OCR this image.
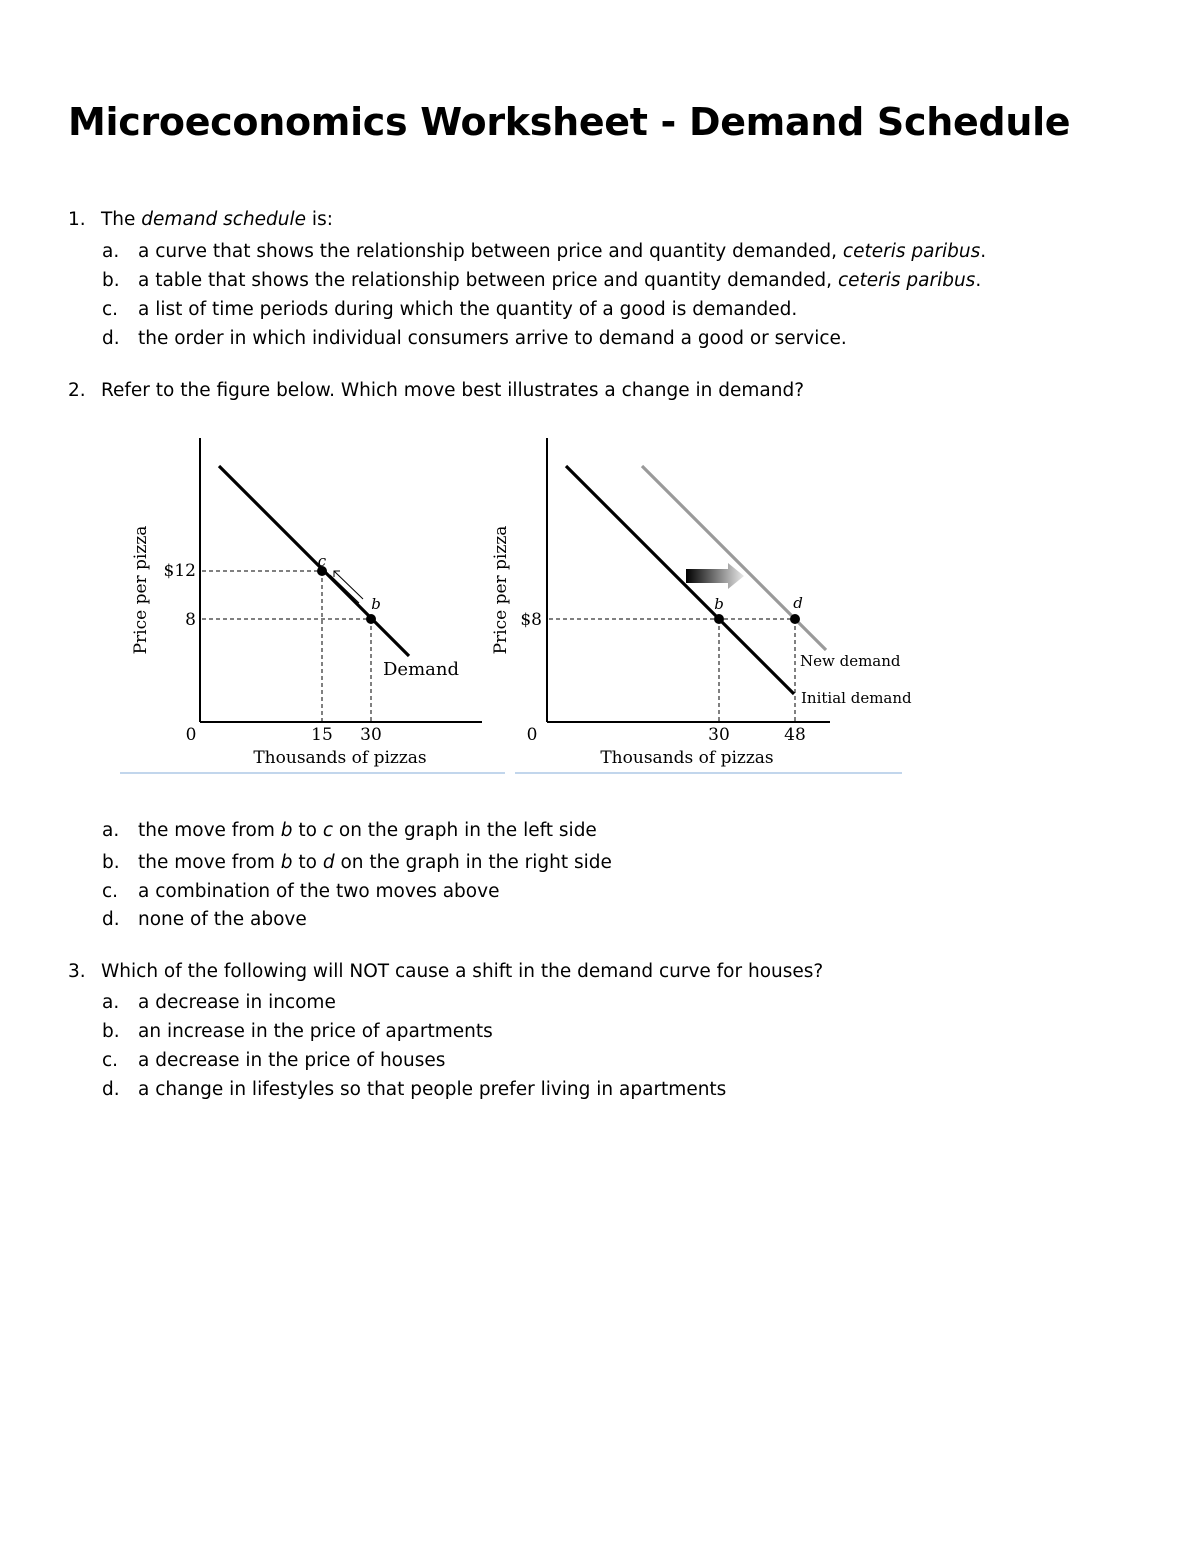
Microeconomics Worksheet - Demand Schedule
1. The demand schedule is:
a. a curve that shows the relationship between price and quantity demanded, ceteris paribus.
b. a table that shows the relationship between price and quantity demanded, ceteris paribus.
c. a list of time periods during which the quantity of a good is demanded.
d. the order in which individual consumers arrive to demand a good or service.
2. Refer to the figure below. Which move best illustrates a change in demand?
c
b
$12
8
0	15 30
Thousands of pizzas
Price per pizza
Demand
b	d
$8
0	30	48
Thousands of pizzas
Price per pizza
New demand
Initial demand
a. the move from b to c on the graph in the left side
b. the move from b to d on the graph in the right side
c. a combination of the two moves above
d. none of the above
3. Which of the following will NOT cause a shift in the demand curve for houses?
a. a decrease in income
b. an increase in the price of apartments
c. a decrease in the price of houses
d. a change in lifestyles so that people prefer living in apartments
